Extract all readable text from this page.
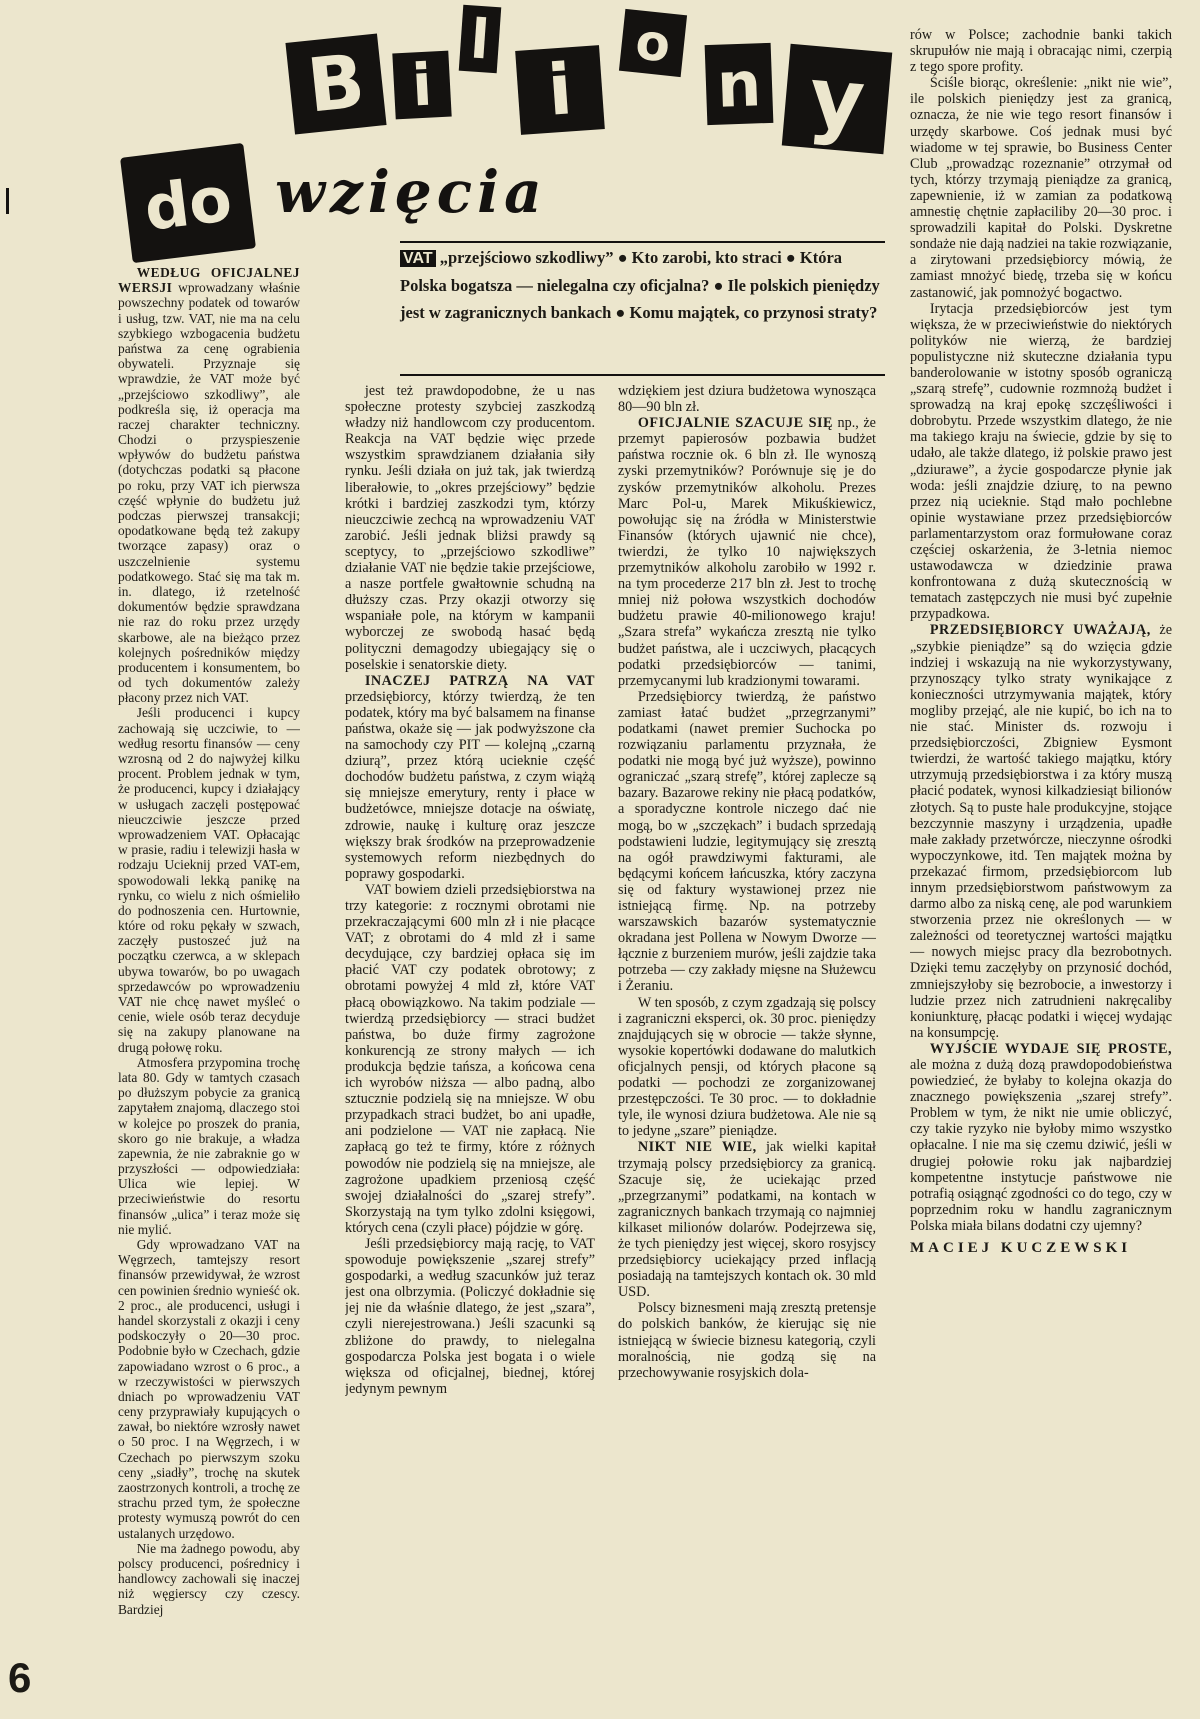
B i
l
i
o
n y
do wzięcia
VAT „przejściowo szkodliwy” ● Kto zarobi, kto straci ● Która Polska bogatsza — nielegalna czy oficjalna? ● Ile polskich pieniędzy jest w zagranicznych bankach ● Komu majątek, co przynosi straty?

WEDŁUG OFICJALNEJ WERSJI wprowadzany właśnie powszechny podatek od towarów i usług, tzw. VAT, nie ma na celu szybkiego wzbogacenia budżetu państwa za cenę ograbienia obywateli. Przyznaje się wprawdzie, że VAT może być „przejściowo szkodliwy”, ale podkreśla się, iż operacja ma raczej charakter techniczny. Chodzi o przyspieszenie wpływów do budżetu państwa (dotychczas podatki są płacone po roku, przy VAT ich pierwsza część wpłynie do budżetu już podczas pierwszej transakcji; opodatkowane będą też zakupy tworzące zapasy) oraz o uszczelnienie systemu podatkowego. Stać się ma tak m. in. dlatego, iż rzetelność dokumentów będzie sprawdzana nie raz do roku przez urzędy skarbowe, ale na bieżąco przez kolejnych pośredników między producentem i konsumentem, bo od tych dokumentów zależy płacony przez nich VAT.

Jeśli producenci i kupcy zachowają się uczciwie, to — według resortu finansów — ceny wzrosną od 2 do najwyżej kilku procent. Problem jednak w tym, że producenci, kupcy i działający w usługach zaczęli postępować nieuczciwie jeszcze przed wprowadzeniem VAT. Opłacając w prasie, radiu i telewizji hasła w rodzaju Ucieknij przed VAT-em, spowodowali lekką panikę na rynku, co wielu z nich ośmieliło do podnoszenia cen. Hurtownie, które od roku pękały w szwach, zaczęły pustoszeć już na początku czerwca, a w sklepach ubywa towarów, bo po uwagach sprzedawców po wprowadzeniu VAT nie chcę nawet myśleć o cenie, wiele osób teraz decyduje się na zakupy planowane na drugą połowę roku.

Atmosfera przypomina trochę lata 80. Gdy w tamtych czasach po dłuższym pobycie za granicą zapytałem znajomą, dlaczego stoi w kolejce po proszek do prania, skoro go nie brakuje, a władza zapewnia, że nie zabraknie go w przyszłości — odpowiedziała: Ulica wie lepiej. W przeciwieństwie do resortu finansów „ulica” i teraz może się nie mylić.

Gdy wprowadzano VAT na Węgrzech, tamtejszy resort finansów przewidywał, że wzrost cen powinien średnio wynieść ok. 2 proc., ale producenci, usługi i handel skorzystali z okazji i ceny podskoczyły o 20—30 proc. Podobnie było w Czechach, gdzie zapowiadano wzrost o 6 proc., a w rzeczywistości w pierwszych dniach po wprowadzeniu VAT ceny przyprawiały kupujących o zawał, bo niektóre wzrosły nawet o 50 proc. I na Węgrzech, i w Czechach po pierwszym szoku ceny „siadły”, trochę na skutek zaostrzonych kontroli, a trochę ze strachu przed tym, że społeczne protesty wymuszą powrót do cen ustalanych urzędowo.

Nie ma żadnego powodu, aby polscy producenci, pośrednicy i handlowcy zachowali się inaczej niż węgierscy czy czescy. Bardziej

jest też prawdopodobne, że u nas społeczne protesty szybciej zaszkodzą władzy niż handlowcom czy producentom. Reakcja na VAT będzie więc przede wszystkim sprawdzianem działania siły rynku. Jeśli działa on już tak, jak twierdzą liberałowie, to „okres przejściowy” będzie krótki i bardziej zaszkodzi tym, którzy nieuczciwie zechcą na wprowadzeniu VAT zarobić. Jeśli jednak bliżsi prawdy są sceptycy, to „przejściowo szkodliwe” działanie VAT nie będzie takie przejściowe, a nasze portfele gwałtownie schudną na dłuższy czas. Przy okazji otworzy się wspaniałe pole, na którym w kampanii wyborczej ze swobodą hasać będą polityczni demagodzy ubiegający się o poselskie i senatorskie diety.

INACZEJ PATRZĄ NA VAT przedsiębiorcy, którzy twierdzą, że ten podatek, który ma być balsamem na finanse państwa, okaże się — jak podwyższone cła na samochody czy PIT — kolejną „czarną dziurą”, przez którą ucieknie część dochodów budżetu państwa, z czym wiążą się mniejsze emerytury, renty i płace w budżetówce, mniejsze dotacje na oświatę, zdrowie, naukę i kulturę oraz jeszcze większy brak środków na przeprowadzenie systemowych reform niezbędnych do poprawy gospodarki.

VAT bowiem dzieli przedsiębiorstwa na trzy kategorie: z rocznymi obrotami nie przekraczającymi 600 mln zł i nie płacące VAT; z obrotami do 4 mld zł i same decydujące, czy bardziej opłaca się im płacić VAT czy podatek obrotowy; z obrotami powyżej 4 mld zł, które VAT płacą obowiązkowo. Na takim podziale — twierdzą przedsiębiorcy — straci budżet państwa, bo duże firmy zagrożone konkurencją ze strony małych — ich produkcja będzie tańsza, a końcowa cena ich wyrobów niższa — albo padną, albo sztucznie podzielą się na mniejsze. W obu przypadkach straci budżet, bo ani upadłe, ani podzielone — VAT nie zapłacą. Nie zapłacą go też te firmy, które z różnych powodów nie podzielą się na mniejsze, ale zagrożone upadkiem przeniosą część swojej działalności do „szarej strefy”. Skorzystają na tym tylko zdolni księgowi, których cena (czyli płace) pójdzie w górę.

Jeśli przedsiębiorcy mają rację, to VAT spowoduje powiększenie „szarej strefy” gospodarki, a według szacunków już teraz jest ona olbrzymia. (Policzyć dokładnie się jej nie da właśnie dlatego, że jest „szara”, czyli nierejestrowana.) Jeśli szacunki są zbliżone do prawdy, to nielegalna gospodarcza Polska jest bogata i o wiele większa od oficjalnej, biednej, której jedynym pewnym

wdziękiem jest dziura budżetowa wynosząca 80—90 bln zł.

OFICJALNIE SZACUJE SIĘ np., że przemyt papierosów pozbawia budżet państwa rocznie ok. 6 bln zł. Ile wynoszą zyski przemytników? Porównuje się je do zysków przemytników alkoholu. Prezes Marc Pol-u, Marek Mikuśkiewicz, powołując się na źródła w Ministerstwie Finansów (których ujawnić nie chce), twierdzi, że tylko 10 największych przemytników alkoholu zarobiło w 1992 r. na tym procederze 217 bln zł. Jest to trochę mniej niż połowa wszystkich dochodów budżetu prawie 40-milionowego kraju! „Szara strefa” wykańcza zresztą nie tylko budżet państwa, ale i uczciwych, płacących podatki przedsiębiorców — tanimi, przemycanymi lub kradzionymi towarami.

Przedsiębiorcy twierdzą, że państwo zamiast łatać budżet „przegrzanymi” podatkami (nawet premier Suchocka po rozwiązaniu parlamentu przyznała, że podatki nie mogą być już wyższe), powinno ograniczać „szarą strefę”, której zaplecze są bazary. Bazarowe rekiny nie płacą podatków, a sporadyczne kontrole niczego dać nie mogą, bo w „szczękach” i budach sprzedają podstawieni ludzie, legitymujący się zresztą na ogół prawdziwymi fakturami, ale będącymi końcem łańcuszka, który zaczyna się od faktury wystawionej przez nie istniejącą firmę. Np. na potrzeby warszawskich bazarów systematycznie okradana jest Pollena w Nowym Dworze — łącznie z burzeniem murów, jeśli zajdzie taka potrzeba — czy zakłady mięsne na Służewcu i Żeraniu.

W ten sposób, z czym zgadzają się polscy i zagraniczni eksperci, ok. 30 proc. pieniędzy znajdujących się w obrocie — także słynne, wysokie kopertówki dodawane do malutkich oficjalnych pensji, od których płacone są podatki — pochodzi ze zorganizowanej przestępczości. Te 30 proc. — to dokładnie tyle, ile wynosi dziura budżetowa. Ale nie są to jedyne „szare” pieniądze.

NIKT NIE WIE, jak wielki kapitał trzymają polscy przedsiębiorcy za granicą. Szacuje się, że uciekając przed „przegrzanymi” podatkami, na kontach w zagranicznych bankach trzymają co najmniej kilkaset milionów dolarów. Podejrzewa się, że tych pieniędzy jest więcej, skoro rosyjscy przedsiębiorcy uciekający przed inflacją posiadają na tamtejszych kontach ok. 30 mld USD.

Polscy biznesmeni mają zresztą pretensje do polskich banków, że kierując się nie istniejącą w świecie biznesu kategorią, czyli moralnością, nie godzą się na przechowywanie rosyjskich dola-

rów w Polsce; zachodnie banki takich skrupułów nie mają i obracając nimi, czerpią z tego spore profity.

Ściśle biorąc, określenie: „nikt nie wie”, ile polskich pieniędzy jest za granicą, oznacza, że nie wie tego resort finansów i urzędy skarbowe. Coś jednak musi być wiadome w tej sprawie, bo Business Center Club „prowadząc rozeznanie” otrzymał od tych, którzy trzymają pieniądze za granicą, zapewnienie, iż w zamian za podatkową amnestię chętnie zapłaciliby 20—30 proc. i sprowadzili kapitał do Polski. Dyskretne sondaże nie dają nadziei na takie rozwiązanie, a zirytowani przedsiębiorcy mówią, że zamiast mnożyć biedę, trzeba się w końcu zastanowić, jak pomnożyć bogactwo.

Irytacja przedsiębiorców jest tym większa, że w przeciwieństwie do niektórych polityków nie wierzą, że bardziej populistyczne niż skuteczne działania typu banderolowanie w istotny sposób ograniczą „szarą strefę”, cudownie rozmnożą budżet i sprowadzą na kraj epokę szczęśliwości i dobrobytu. Przede wszystkim dlatego, że nie ma takiego kraju na świecie, gdzie by się to udało, ale także dlatego, iż polskie prawo jest „dziurawe”, a życie gospodarcze płynie jak woda: jeśli znajdzie dziurę, to na pewno przez nią ucieknie. Stąd mało pochlebne opinie wystawiane przez przedsiębiorców parlamentarzystom oraz formułowane coraz częściej oskarżenia, że 3-letnia niemoc ustawodawcza w dziedzinie prawa konfrontowana z dużą skutecznością w tematach zastępczych nie musi być zupełnie przypadkowa.

PRZEDSIĘBIORCY UWAŻAJĄ, że „szybkie pieniądze” są do wzięcia gdzie indziej i wskazują na nie wykorzystywany, przynoszący tylko straty wynikające z konieczności utrzymywania majątek, który mogliby przejąć, ale nie kupić, bo ich na to nie stać. Minister ds. rozwoju i przedsiębiorczości, Zbigniew Eysmont twierdzi, że wartość takiego majątku, który utrzymują przedsiębiorstwa i za który muszą płacić podatek, wynosi kilkadziesiąt bilionów złotych. Są to puste hale produkcyjne, stojące bezczynnie maszyny i urządzenia, upadłe małe zakłady przetwórcze, nieczynne ośrodki wypoczynkowe, itd. Ten majątek można by przekazać firmom, przedsiębiorcom lub innym przedsiębiorstwom państwowym za darmo albo za niską cenę, ale pod warunkiem stworzenia przez nie określonych — w zależności od teoretycznej wartości majątku — nowych miejsc pracy dla bezrobotnych. Dzięki temu zaczęłyby on przynosić dochód, zmniejszyłoby się bezrobocie, a inwestorzy i ludzie przez nich zatrudnieni nakręcaliby koniunkturę, płacąc podatki i więcej wydając na konsumpcję.

WYJŚCIE WYDAJE SIĘ PROSTE, ale można z dużą dozą prawdopodobieństwa powiedzieć, że byłaby to kolejna okazja do znacznego powiększenia „szarej strefy”. Problem w tym, że nikt nie umie obliczyć, czy takie ryzyko nie byłoby mimo wszystko opłacalne. I nie ma się czemu dziwić, jeśli w drugiej połowie roku jak najbardziej kompetentne instytucje państwowe nie potrafią osiągnąć zgodności co do tego, czy w poprzednim roku w handlu zagranicznym Polska miała bilans dodatni czy ujemny?

MACIEJ KUCZEWSKI

6
